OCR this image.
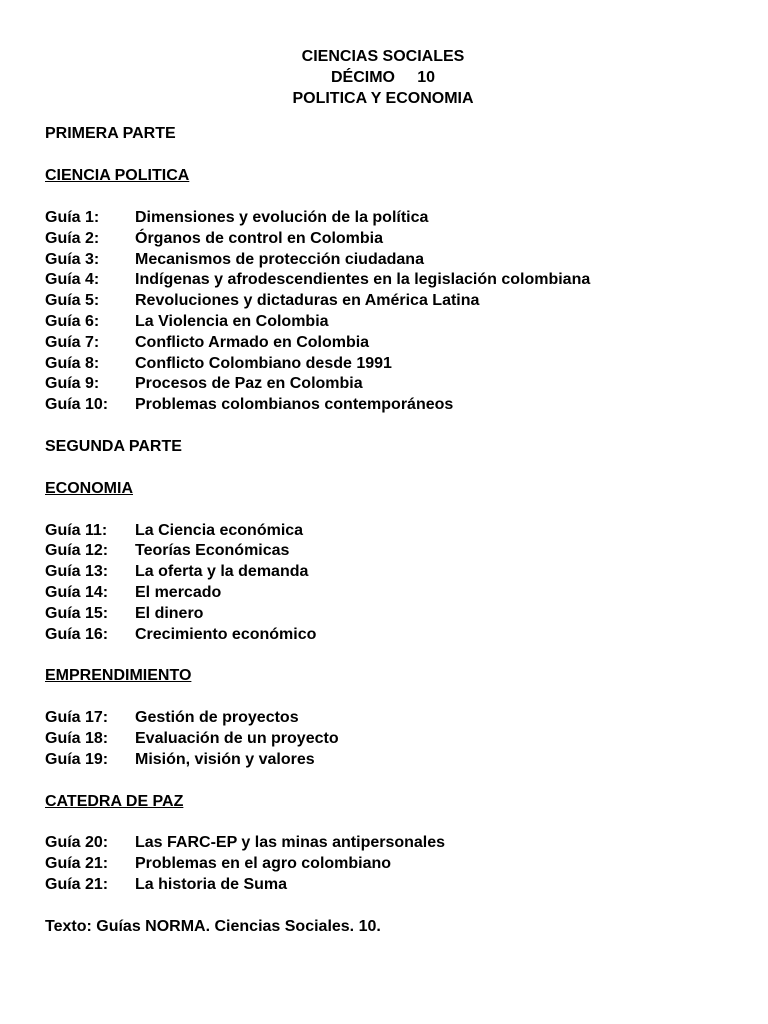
CIENCIAS SOCIALES
DÉCIMO     10
POLITICA Y ECONOMIA
PRIMERA PARTE
CIENCIA POLITICA
Guía 1:	Dimensiones y evolución de la política
Guía 2:	Órganos de control en Colombia
Guía 3:	Mecanismos de protección ciudadana
Guía 4:	Indígenas y afrodescendientes en la legislación colombiana
Guía 5:	Revoluciones y dictaduras en América Latina
Guía 6:	La Violencia en Colombia
Guía 7:	Conflicto Armado en Colombia
Guía 8:	Conflicto Colombiano desde 1991
Guía 9:	Procesos de Paz en Colombia
Guía 10:	Problemas colombianos contemporáneos
SEGUNDA PARTE
ECONOMIA
Guía 11:	La Ciencia económica
Guía 12:	Teorías Económicas
Guía 13:	La oferta y la demanda
Guía 14:	El mercado
Guía 15:	El dinero
Guía 16:	Crecimiento económico
EMPRENDIMIENTO
Guía 17:	Gestión de proyectos
Guía 18:	Evaluación de un proyecto
Guía 19:	Misión, visión y valores
CATEDRA DE PAZ
Guía 20:	Las FARC-EP y las minas antipersonales
Guía 21:	Problemas en el agro colombiano
Guía 21:	La historia de Suma
Texto: Guías NORMA. Ciencias Sociales. 10.
